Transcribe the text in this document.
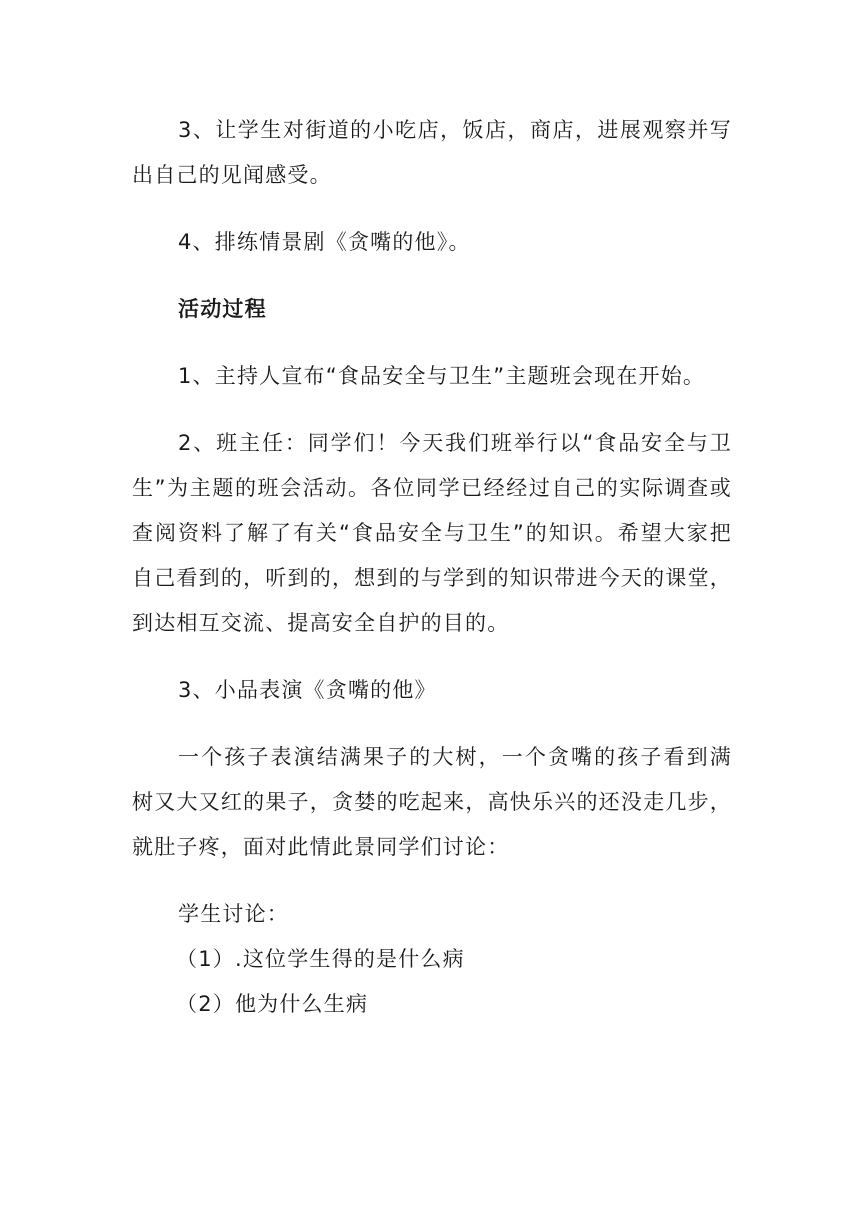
3、让学生对街道的小吃店，饭店，商店，进展观察并写出自己的见闻感受。

4、排练情景剧《贪嘴的他》。

活动过程

1、主持人宣布“食品安全与卫生”主题班会现在开始。

2、班主任：同学们！今天我们班举行以“食品安全与卫生”为主题的班会活动。各位同学已经经过自己的实际调查或查阅资料了解了有关“食品安全与卫生”的知识。希望大家把自己看到的，听到的，想到的与学到的知识带进今天的课堂，到达相互交流、提高安全自护的目的。

3、小品表演《贪嘴的他》

一个孩子表演结满果子的大树，一个贪嘴的孩子看到满树又大又红的果子，贪婪的吃起来，高快乐兴的还没走几步，就肚子疼，面对此情此景同学们讨论：

学生讨论：

（1）.这位学生得的是什么病

（2）他为什么生病
